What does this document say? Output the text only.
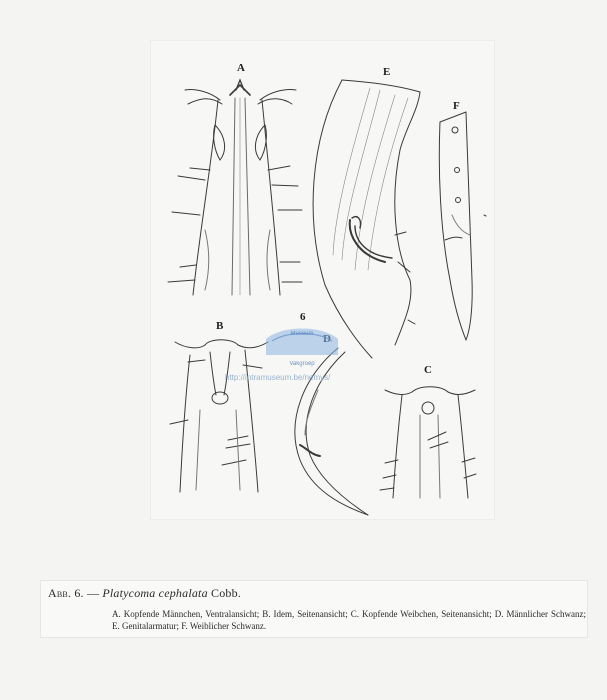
A	E
F
B
6
C
Museum
Vakgroep
http://intramuseum.be/nemys/
Abb. 6. — Platycoma cephalata Cobb.
A. Kopfende Männchen, Ventralansicht; B. Idem, Seitenansicht; C. Kopfende Weibchen, Seitenansicht; D. Männlicher Schwanz; E. Genitalarmatur; F. Weiblicher Schwanz.
